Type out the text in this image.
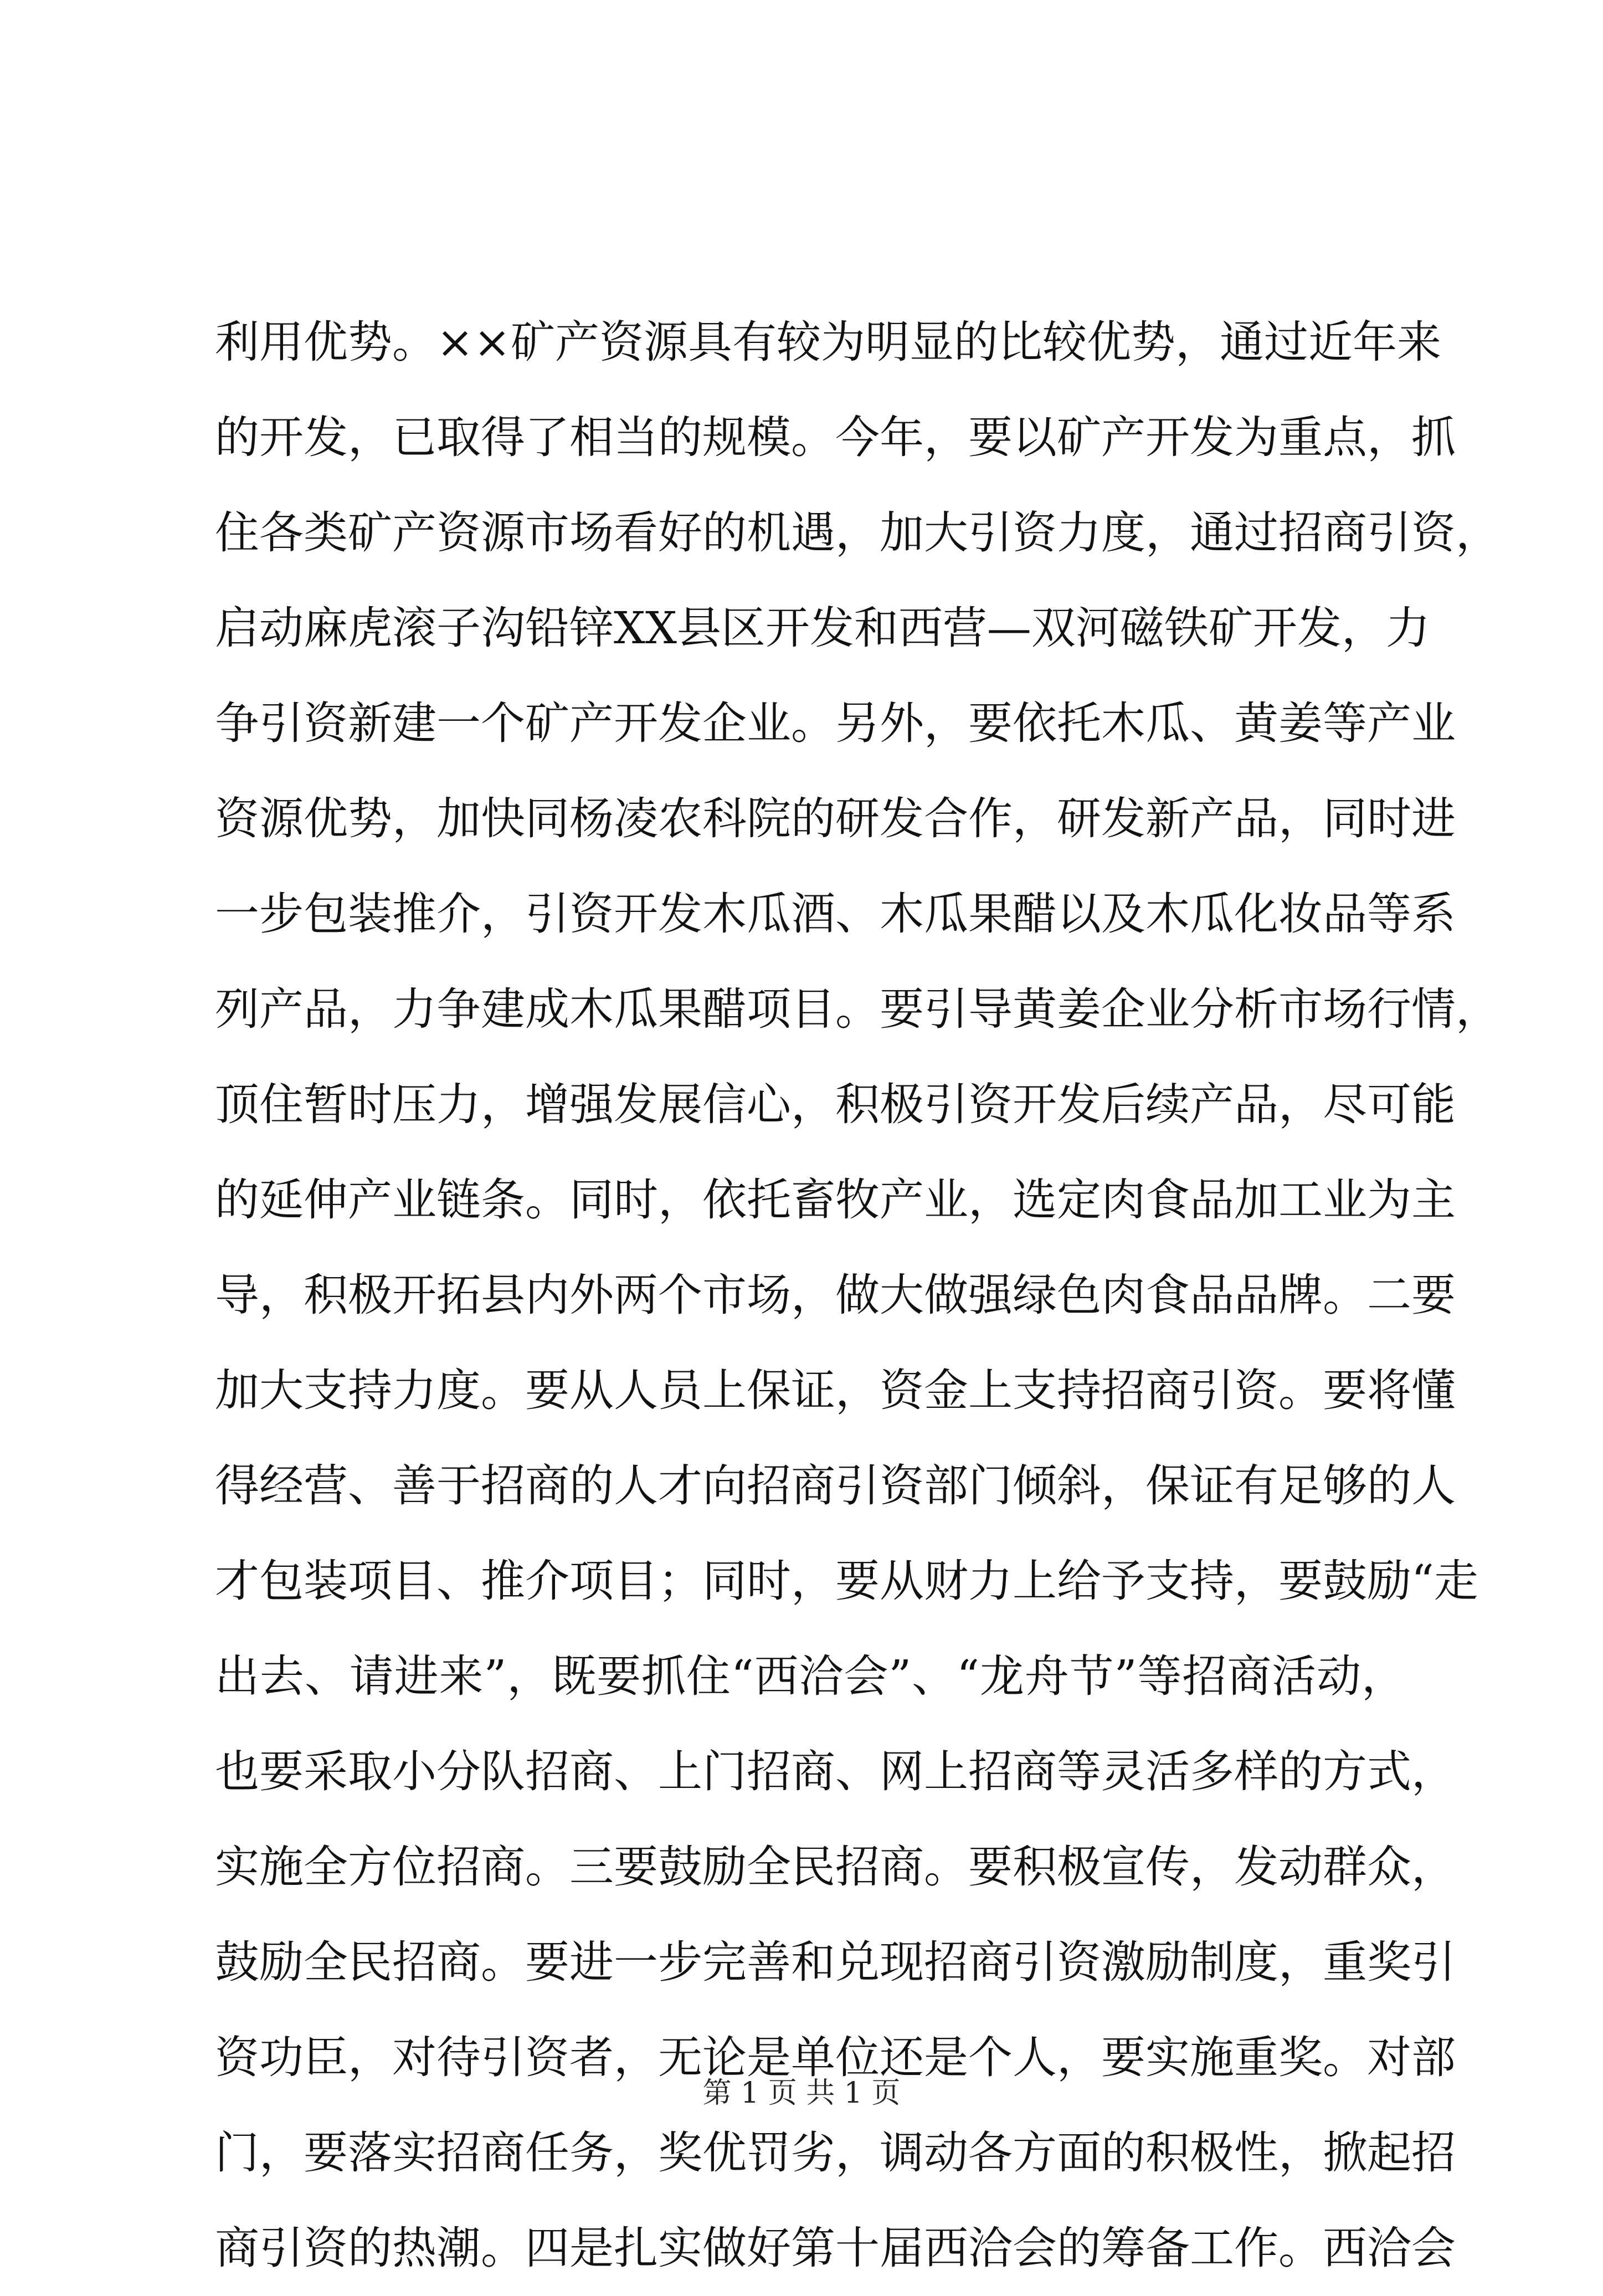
利用优势。××矿产资源具有较为明显的比较优势，通过近年来
的开发，已取得了相当的规模。今年，要以矿产开发为重点，抓
住各类矿产资源市场看好的机遇，加大引资力度，通过招商引资，
启动麻虎滚子沟铅锌XX县区开发和西营—双河磁铁矿开发，力
争引资新建一个矿产开发企业。另外，要依托木瓜、黄姜等产业
资源优势，加快同杨凌农科院的研发合作，研发新产品，同时进
一步包装推介，引资开发木瓜酒、木瓜果醋以及木瓜化妆品等系
列产品，力争建成木瓜果醋项目。要引导黄姜企业分析市场行情，
顶住暂时压力，增强发展信心，积极引资开发后续产品，尽可能
的延伸产业链条。同时，依托畜牧产业，选定肉食品加工业为主
导，积极开拓县内外两个市场，做大做强绿色肉食品品牌。二要
加大支持力度。要从人员上保证，资金上支持招商引资。要将懂
得经营、善于招商的人才向招商引资部门倾斜，保证有足够的人
才包装项目、推介项目；同时，要从财力上给予支持，要鼓励“走
出去、请进来”，既要抓住“西洽会”、“龙舟节”等招商活动，
也要采取小分队招商、上门招商、网上招商等灵活多样的方式，
实施全方位招商。三要鼓励全民招商。要积极宣传，发动群众，
鼓励全民招商。要进一步完善和兑现招商引资激励制度，重奖引
资功臣，对待引资者，无论是单位还是个人，要实施重奖。对部
门，要落实招商任务，奖优罚劣，调动各方面的积极性，掀起招
商引资的热潮。四是扎实做好第十届西洽会的筹备工作。西洽会
第 1 页 共 1 页
